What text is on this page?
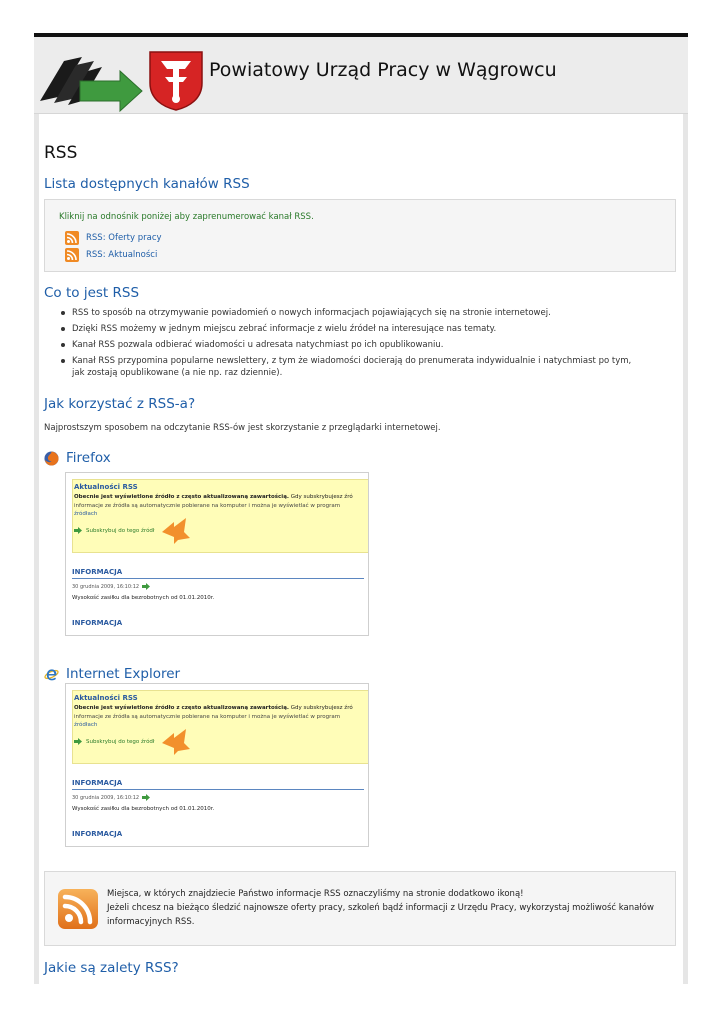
Powiatowy Urząd Pracy w Wągrowcu
RSS
Lista dostępnych kanałów RSS
Kliknij na odnośnik poniżej aby zaprenumerować kanał RSS.
RSS: Oferty pracy
RSS: Aktualności
Co to jest RSS
RSS to sposób na otrzymywanie powiadomień o nowych informacjach pojawiających się na stronie internetowej.
Dzięki RSS możemy w jednym miejscu zebrać informacje z wielu źródeł na interesujące nas tematy.
Kanał RSS pozwala odbierać wiadomości u adresata natychmiast po ich opublikowaniu.
Kanał RSS przypomina popularne newslettery, z tym że wiadomości docierają do prenumerata indywidualnie i natychmiast po tym, jak zostają opublikowane (a nie np. raz dziennie).
Jak korzystać z RSS-a?

Najprostszym sposobem na odczytanie RSS-ów jest skorzystanie z przeglądarki internetowej.

Firefox
Aktualności RSS
Obecnie jest wyświetlone źródło z często aktualizowaną zawartością. Gdy subskrybujesz źró
informacje ze źródła są automatycznie pobierane na komputer i można je wyświetlać w program
źródłach
Subskrybuj do tego źródł
INFORMACJA
30 grudnia 2009, 16:10:12
Wysokość zasiłku dla bezrobotnych od 01.01.2010r.
INFORMACJA
Internet Explorer
Aktualności RSS
Obecnie jest wyświetlone źródło z często aktualizowaną zawartością. Gdy subskrybujesz źró
informacje ze źródła są automatycznie pobierane na komputer i można je wyświetlać w program
źródłach
Subskrybuj do tego źródł
INFORMACJA
30 grudnia 2009, 16:10:12
Wysokość zasiłku dla bezrobotnych od 01.01.2010r.
INFORMACJA
Miejsca, w których znajdziecie Państwo informacje RSS oznaczyliśmy na stronie dodatkowo ikoną!
Jeżeli chcesz na bieżąco śledzić najnowsze oferty pracy, szkoleń bądź informacji z Urzędu Pracy, wykorzystaj możliwość kanałów informacyjnych RSS.
Jakie są zalety RSS?
